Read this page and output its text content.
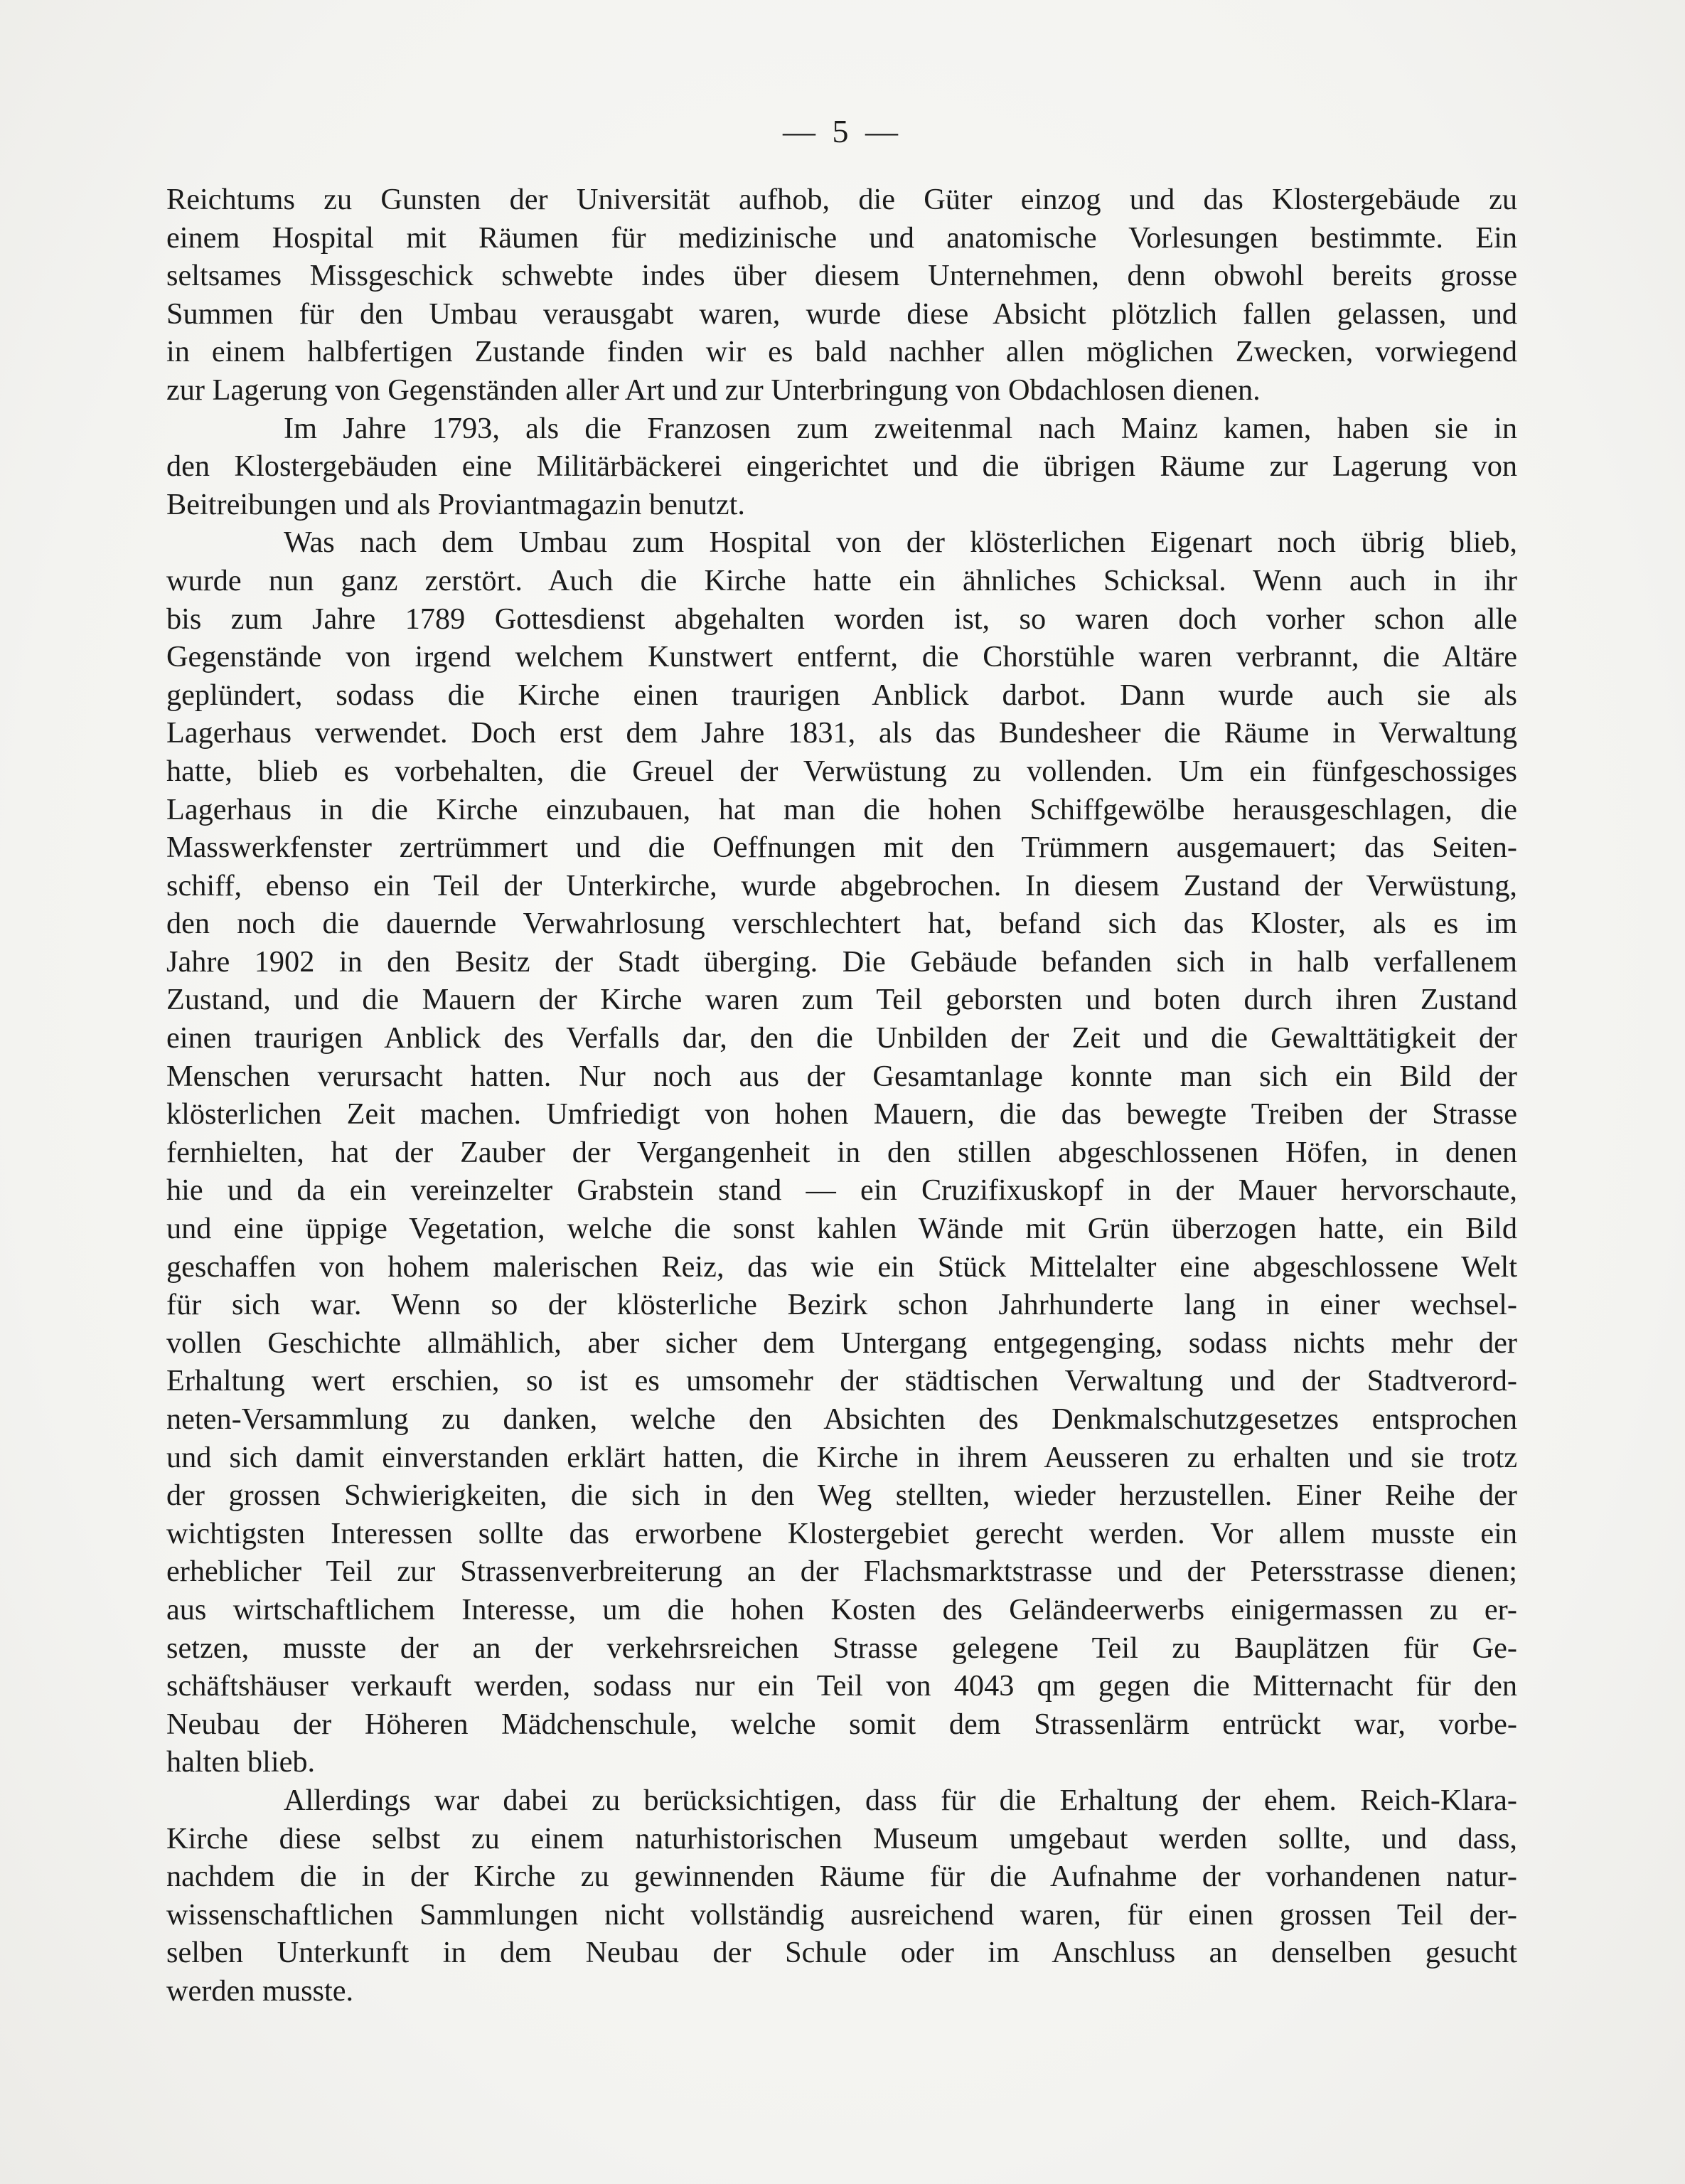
— 5 —
Reichtums zu Gunsten der Universität aufhob, die Güter einzog und das Klostergebäude zu
einem Hospital mit Räumen für medizinische und anatomische Vorlesungen bestimmte. Ein
seltsames Missgeschick schwebte indes über diesem Unternehmen, denn obwohl bereits grosse
Summen für den Umbau verausgabt waren, wurde diese Absicht plötzlich fallen gelassen, und
in einem halbfertigen Zustande finden wir es bald nachher allen möglichen Zwecken, vorwiegend
zur Lagerung von Gegenständen aller Art und zur Unterbringung von Obdachlosen dienen.
Im Jahre 1793, als die Franzosen zum zweitenmal nach Mainz kamen, haben sie in
den Klostergebäuden eine Militärbäckerei eingerichtet und die übrigen Räume zur Lagerung von
Beitreibungen und als Proviantmagazin benutzt.
Was nach dem Umbau zum Hospital von der klösterlichen Eigenart noch übrig blieb,
wurde nun ganz zerstört. Auch die Kirche hatte ein ähnliches Schicksal. Wenn auch in ihr
bis zum Jahre 1789 Gottesdienst abgehalten worden ist, so waren doch vorher schon alle
Gegenstände von irgend welchem Kunstwert entfernt, die Chorstühle waren verbrannt, die Altäre
geplündert, sodass die Kirche einen traurigen Anblick darbot. Dann wurde auch sie als
Lagerhaus verwendet. Doch erst dem Jahre 1831, als das Bundesheer die Räume in Verwaltung
hatte, blieb es vorbehalten, die Greuel der Verwüstung zu vollenden. Um ein fünfgeschossiges
Lagerhaus in die Kirche einzubauen, hat man die hohen Schiffgewölbe herausgeschlagen, die
Masswerkfenster zertrümmert und die Oeffnungen mit den Trümmern ausgemauert; das Seiten-
schiff, ebenso ein Teil der Unterkirche, wurde abgebrochen. In diesem Zustand der Verwüstung,
den noch die dauernde Verwahrlosung verschlechtert hat, befand sich das Kloster, als es im
Jahre 1902 in den Besitz der Stadt überging. Die Gebäude befanden sich in halb verfallenem
Zustand, und die Mauern der Kirche waren zum Teil geborsten und boten durch ihren Zustand
einen traurigen Anblick des Verfalls dar, den die Unbilden der Zeit und die Gewalttätigkeit der
Menschen verursacht hatten. Nur noch aus der Gesamtanlage konnte man sich ein Bild der
klösterlichen Zeit machen. Umfriedigt von hohen Mauern, die das bewegte Treiben der Strasse
fernhielten, hat der Zauber der Vergangenheit in den stillen abgeschlossenen Höfen, in denen
hie und da ein vereinzelter Grabstein stand — ein Cruzifixuskopf in der Mauer hervorschaute,
und eine üppige Vegetation, welche die sonst kahlen Wände mit Grün überzogen hatte, ein Bild
geschaffen von hohem malerischen Reiz, das wie ein Stück Mittelalter eine abgeschlossene Welt
für sich war. Wenn so der klösterliche Bezirk schon Jahrhunderte lang in einer wechsel-
vollen Geschichte allmählich, aber sicher dem Untergang entgegenging, sodass nichts mehr der
Erhaltung wert erschien, so ist es umsomehr der städtischen Verwaltung und der Stadtverord-
neten-Versammlung zu danken, welche den Absichten des Denkmalschutzgesetzes entsprochen
und sich damit einverstanden erklärt hatten, die Kirche in ihrem Aeusseren zu erhalten und sie trotz
der grossen Schwierigkeiten, die sich in den Weg stellten, wieder herzustellen. Einer Reihe der
wichtigsten Interessen sollte das erworbene Klostergebiet gerecht werden. Vor allem musste ein
erheblicher Teil zur Strassenverbreiterung an der Flachsmarktstrasse und der Petersstrasse dienen;
aus wirtschaftlichem Interesse, um die hohen Kosten des Geländeerwerbs einigermassen zu er-
setzen, musste der an der verkehrsreichen Strasse gelegene Teil zu Bauplätzen für Ge-
schäftshäuser verkauft werden, sodass nur ein Teil von 4043 qm gegen die Mitternacht für den
Neubau der Höheren Mädchenschule, welche somit dem Strassenlärm entrückt war, vorbe-
halten blieb.
Allerdings war dabei zu berücksichtigen, dass für die Erhaltung der ehem. Reich-Klara-
Kirche diese selbst zu einem naturhistorischen Museum umgebaut werden sollte, und dass,
nachdem die in der Kirche zu gewinnenden Räume für die Aufnahme der vorhandenen natur-
wissenschaftlichen Sammlungen nicht vollständig ausreichend waren, für einen grossen Teil der-
selben Unterkunft in dem Neubau der Schule oder im Anschluss an denselben gesucht
werden musste.
